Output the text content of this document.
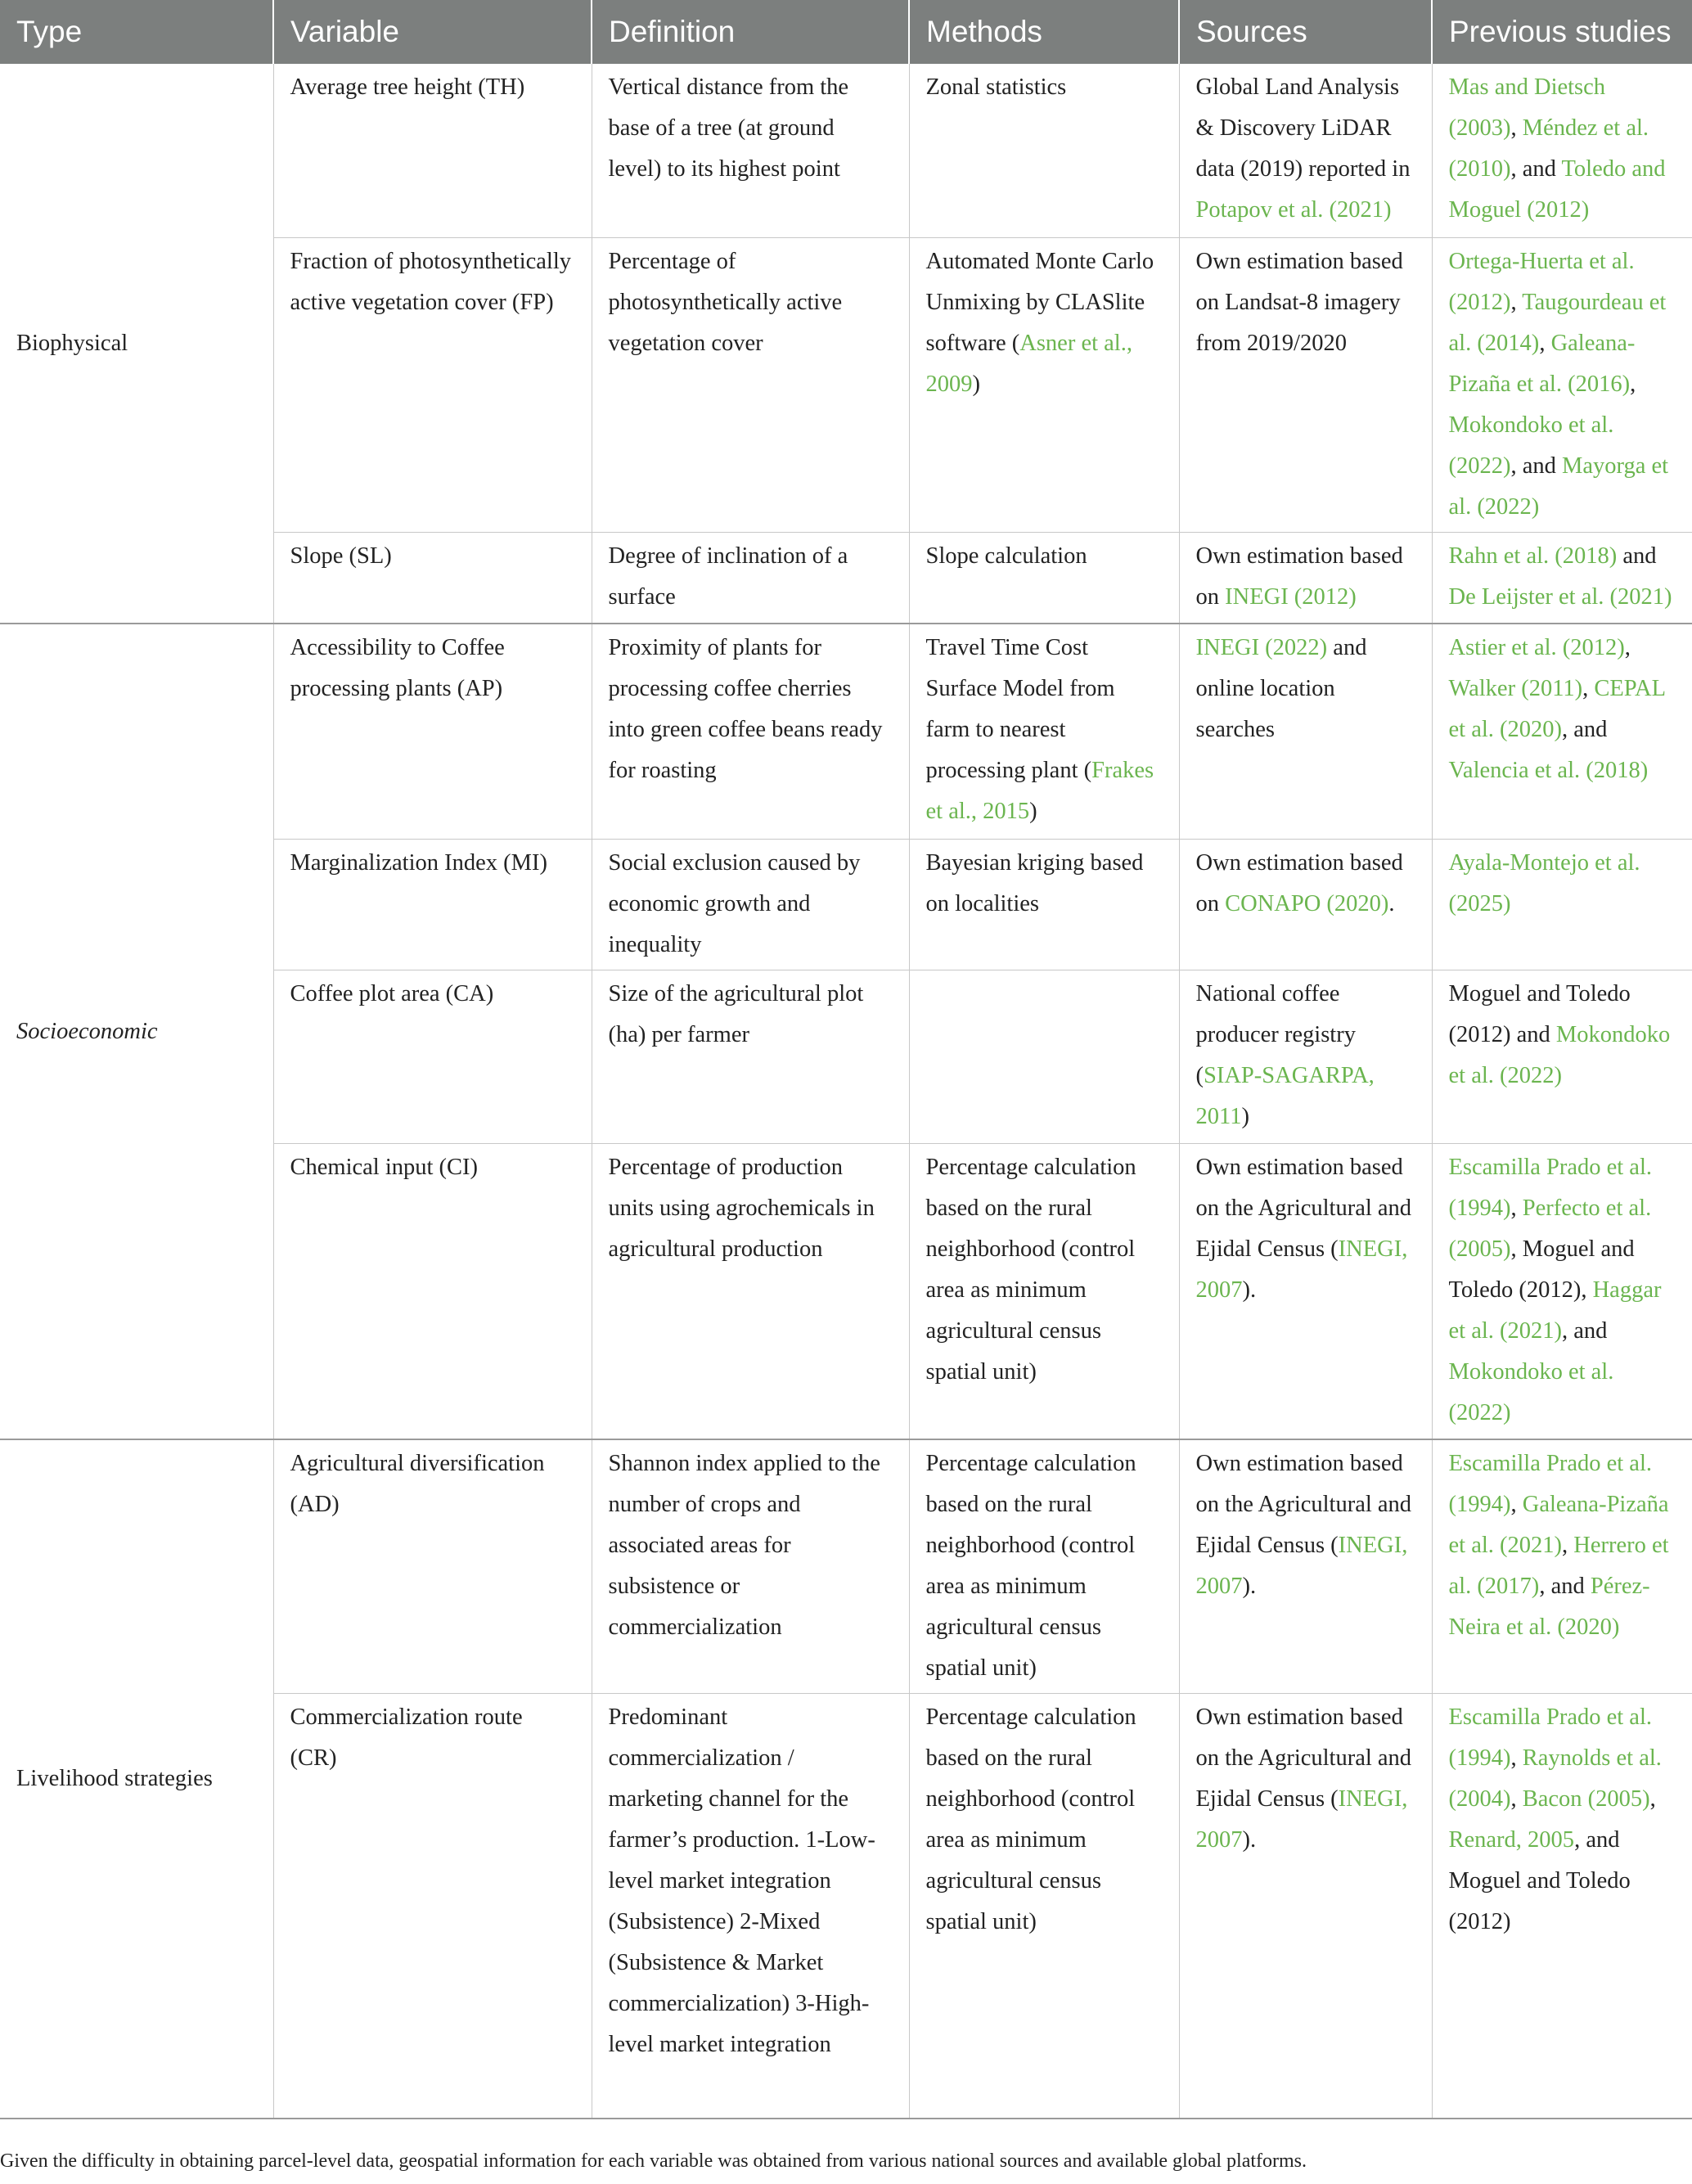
Type	Variable	Definition	Methods	Sources	Previous studies
Biophysical	Average tree height (TH)	Vertical distance from the base of a tree (at ground level) to its highest point	Zonal statistics	Global Land Analysis & Discovery LiDAR data (2019) reported in Potapov et al. (2021)	Mas and Dietsch (2003), Méndez et al. (2010), and Toledo and Moguel (2012)
	Fraction of photosynthetically active vegetation cover (FP)	Percentage of photosynthetically active vegetation cover	Automated Monte Carlo Unmixing by CLASlite software (Asner et al., 2009)	Own estimation based on Landsat-8 imagery from 2019/2020	Ortega-Huerta et al. (2012), Taugourdeau et al. (2014), Galeana-Pizaña et al. (2016), Mokondoko et al. (2022), and Mayorga et al. (2022)
	Slope (SL)	Degree of inclination of a surface	Slope calculation	Own estimation based on INEGI (2012)	Rahn et al. (2018) and De Leijster et al. (2021)
Socioeconomic	Accessibility to Coffee processing plants (AP)	Proximity of plants for processing coffee cherries into green coffee beans ready for roasting	Travel Time Cost Surface Model from farm to nearest processing plant (Frakes et al., 2015)	INEGI (2022) and online location searches	Astier et al. (2012), Walker (2011), CEPAL et al. (2020), and Valencia et al. (2018)
	Marginalization Index (MI)	Social exclusion caused by economic growth and inequality	Bayesian kriging based on localities	Own estimation based on CONAPO (2020).	Ayala-Montejo et al. (2025)
	Coffee plot area (CA)	Size of the agricultural plot (ha) per farmer		National coffee producer registry (SIAP-SAGARPA, 2011)	Moguel and Toledo (2012) and Mokondoko et al. (2022)
	Chemical input (CI)	Percentage of production units using agrochemicals in agricultural production	Percentage calculation based on the rural neighborhood (control area as minimum agricultural census spatial unit)	Own estimation based on the Agricultural and Ejidal Census (INEGI, 2007).	Escamilla Prado et al. (1994), Perfecto et al. (2005), Moguel and Toledo (2012), Haggar et al. (2021), and Mokondoko et al. (2022)
Livelihood strategies	Agricultural diversification (AD)	Shannon index applied to the number of crops and associated areas for subsistence or commercialization	Percentage calculation based on the rural neighborhood (control area as minimum agricultural census spatial unit)	Own estimation based on the Agricultural and Ejidal Census (INEGI, 2007).	Escamilla Prado et al. (1994), Galeana-Pizaña et al. (2021), Herrero et al. (2017), and Pérez-Neira et al. (2020)
	Commercialization route (CR)	Predominant commercialization / marketing channel for the farmer’s production. 1-Low-level market integration (Subsistence) 2-Mixed (Subsistence & Market commercialization) 3-High-level market integration	Percentage calculation based on the rural neighborhood (control area as minimum agricultural census spatial unit)	Own estimation based on the Agricultural and Ejidal Census (INEGI, 2007).	Escamilla Prado et al. (1994), Raynolds et al. (2004), Bacon (2005), Renard, 2005, and Moguel and Toledo (2012)
Given the difficulty in obtaining parcel-level data, geospatial information for each variable was obtained from various national sources and available global platforms.
